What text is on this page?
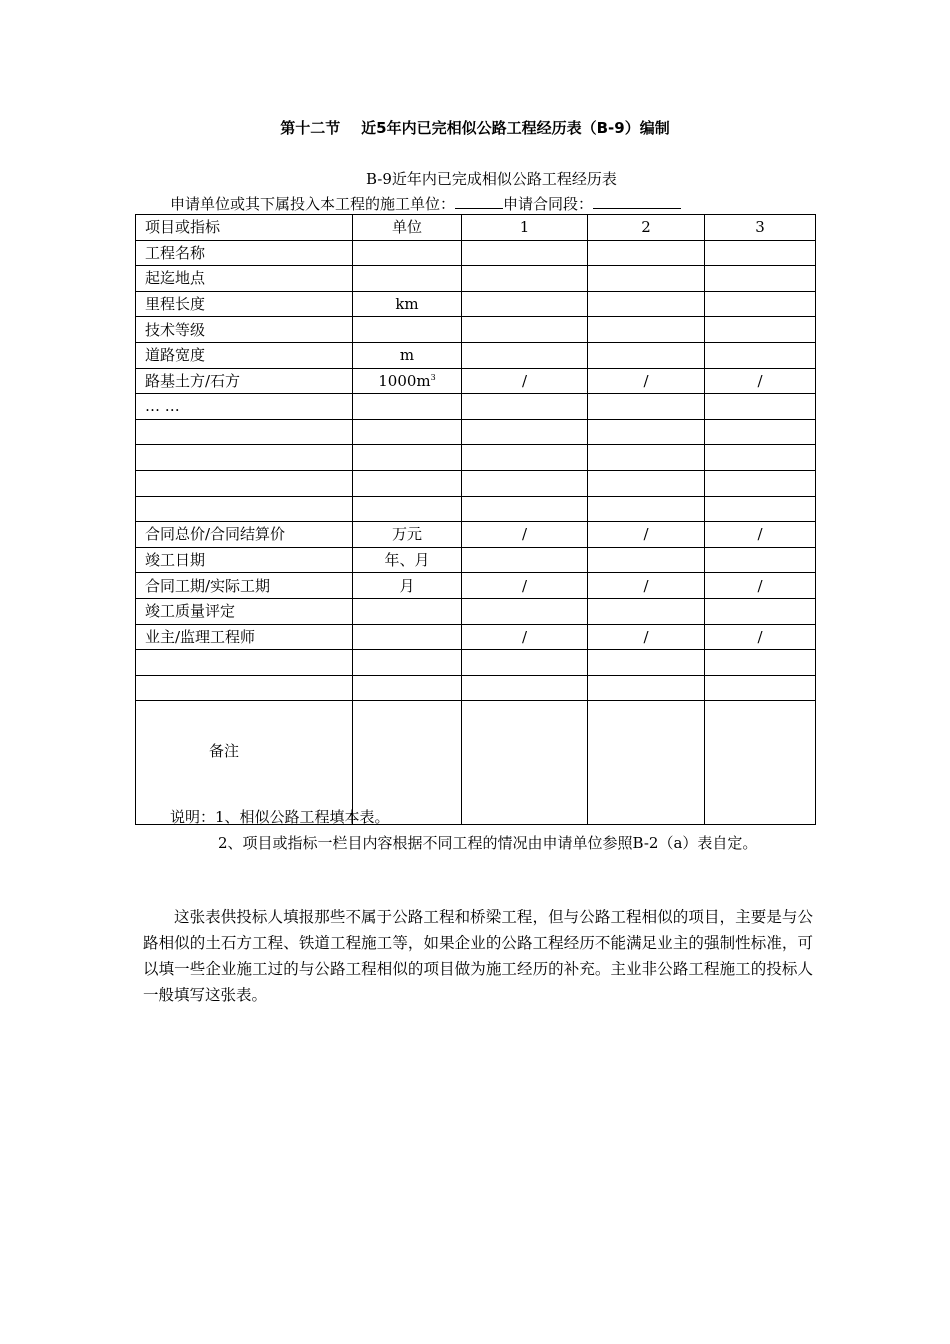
第十二节    近5年内已完相似公路工程经历表（B-9）编制
B-9近年内已完成相似公路工程经历表
申请单位或其下属投入本工程的施工单位：	申请合同段：
项目或指标	单位	1	2	3
工程名称				
起迄地点				
里程长度	km			
技术等级				
道路宽度	m			
路基土方/石方	$1000m^3$	/	/	/
… …				

合同总价/合同结算价	万元	/	/	/
竣工日期	年、月			
合同工期/实际工期	月	/	/	/
竣工质量评定				
业主/监理工程师		/	/	/

备注				
说明：1、相似公路工程填本表。
2、项目或指标一栏目内容根据不同工程的情况由申请单位参照B-2（a）表自定。
这张表供投标人填报那些不属于公路工程和桥梁工程，但与公路工程相似的项目，主要是与公路相似的土石方工程、铁道工程施工等，如果企业的公路工程经历不能满足业主的强制性标准，可以填一些企业施工过的与公路工程相似的项目做为施工经历的补充。主业非公路工程施工的投标人一般填写这张表。
